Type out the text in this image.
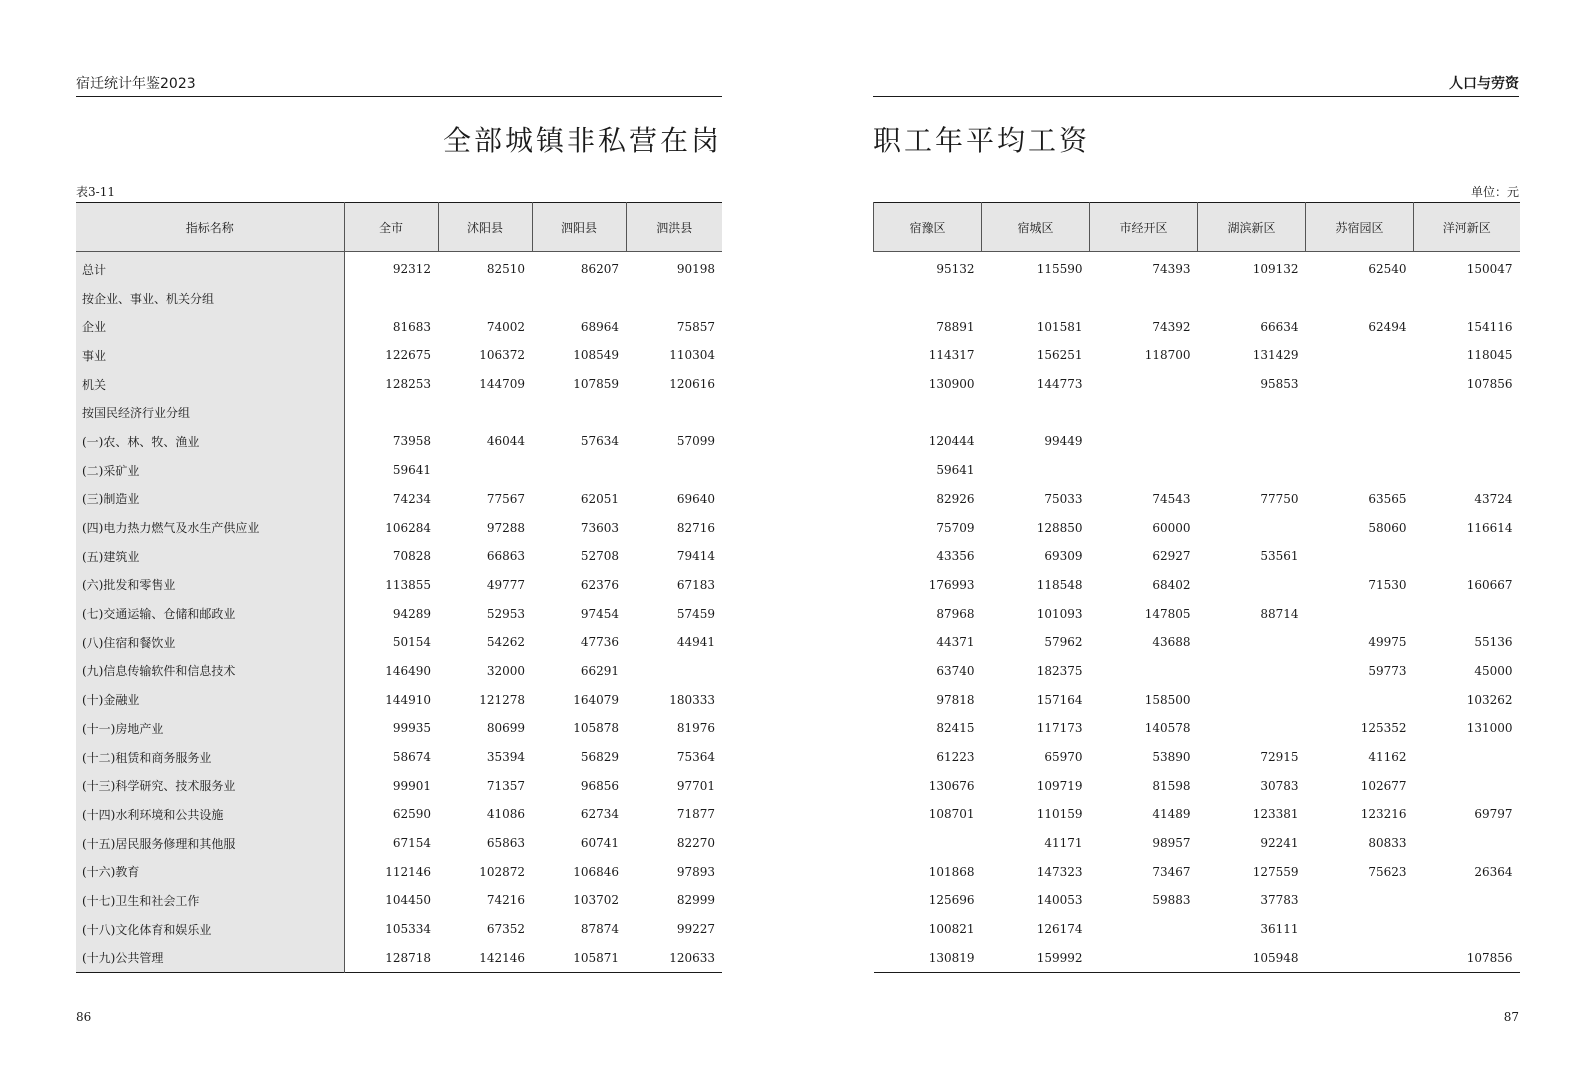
宿迁统计年鉴2023
全部城镇非私营在岗
表3-11
指标名称	全市	沭阳县	泗阳县	泗洪县
总计	92312	82510	86207	90198
按企业、事业、机关分组				
企业	81683	74002	68964	75857
事业	122675	106372	108549	110304
机关	128253	144709	107859	120616
按国民经济行业分组				
(一)农、林、牧、渔业	73958	46044	57634	57099
(二)采矿业	59641			
(三)制造业	74234	77567	62051	69640
(四)电力热力燃气及水生产供应业	106284	97288	73603	82716
(五)建筑业	70828	66863	52708	79414
(六)批发和零售业	113855	49777	62376	67183
(七)交通运输、仓储和邮政业	94289	52953	97454	57459
(八)住宿和餐饮业	50154	54262	47736	44941
(九)信息传输软件和信息技术	146490	32000	66291	
(十)金融业	144910	121278	164079	180333
(十一)房地产业	99935	80699	105878	81976
(十二)租赁和商务服务业	58674	35394	56829	75364
(十三)科学研究、技术服务业	99901	71357	96856	97701
(十四)水利环境和公共设施	62590	41086	62734	71877
(十五)居民服务修理和其他服	67154	65863	60741	82270
(十六)教育	112146	102872	106846	97893
(十七)卫生和社会工作	104450	74216	103702	82999
(十八)文化体育和娱乐业	105334	67352	87874	99227
(十九)公共管理	128718	142146	105871	120633
86
人口与劳资
职工年平均工资
单位：元
宿豫区	宿城区	市经开区	湖滨新区	苏宿园区	洋河新区
95132	115590	74393	109132	62540	150047

78891	101581	74392	66634	62494	154116
114317	156251	118700	131429		118045
130900	144773		95853		107856

120444	99449				
59641					
82926	75033	74543	77750	63565	43724
75709	128850	60000		58060	116614
43356	69309	62927	53561		
176993	118548	68402		71530	160667
87968	101093	147805	88714		
44371	57962	43688		49975	55136
63740	182375			59773	45000
97818	157164	158500			103262
82415	117173	140578		125352	131000
61223	65970	53890	72915	41162	
130676	109719	81598	30783	102677	
108701	110159	41489	123381	123216	69797
	41171	98957	92241	80833	
101868	147323	73467	127559	75623	26364
125696	140053	59883	37783		
100821	126174		36111		
130819	159992		105948		107856
87
